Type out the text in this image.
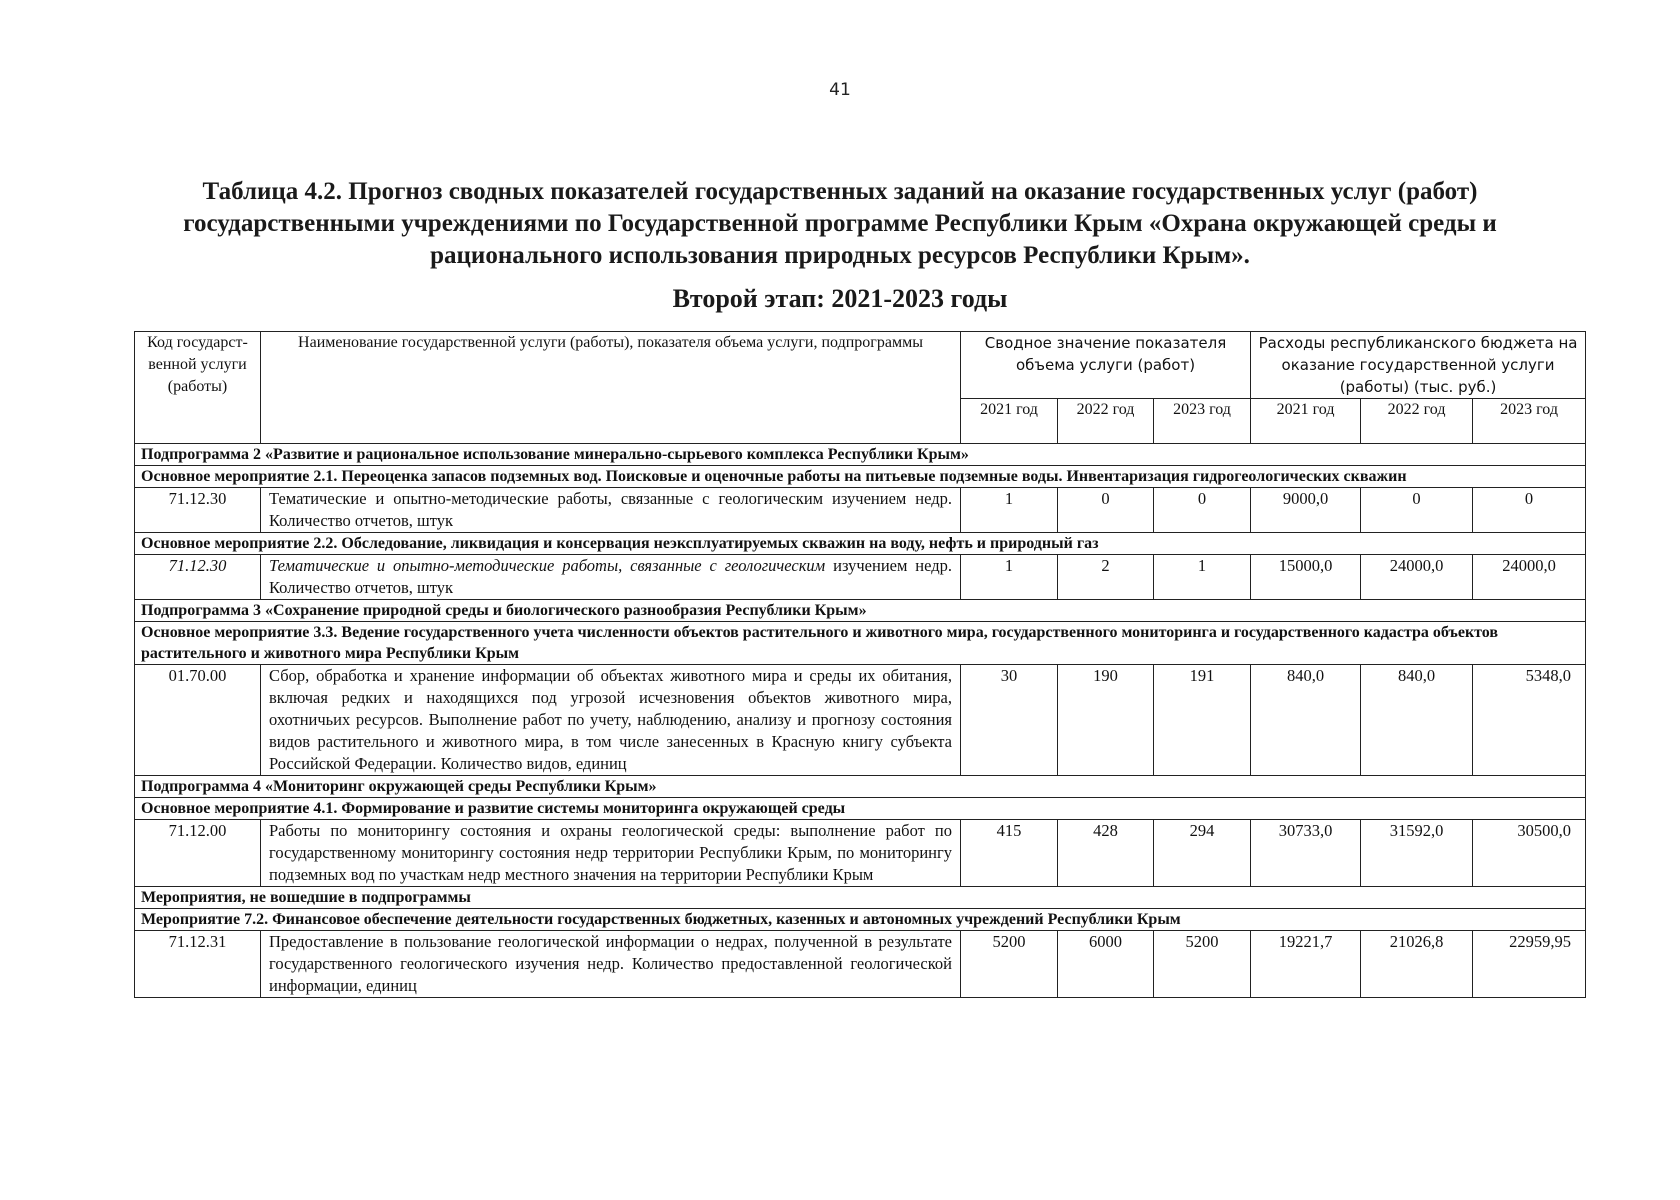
41
Таблица 4.2. Прогноз сводных показателей государственных заданий на оказание государственных услуг (работ) государственными учреждениями по Государственной программе Республики Крым «Охрана окружающей среды и рационального использования природных ресурсов Республики Крым».
Второй этап: 2021-2023 годы
Код государст-венной услуги (работы)	Наименование государственной услуги (работы), показателя объема услуги, подпрограммы	Сводное значение показателя объема услуги (работ)			Расходы республиканского бюджета на оказание государственной услуги (работы) (тыс. руб.)		
		2021 год	2022 год	2023 год	2021 год	2022 год	2023 год
Подпрограмма 2 «Развитие и рациональное использование минерально-сырьевого комплекса Республики Крым»							
Основное мероприятие 2.1. Переоценка запасов подземных вод. Поисковые и оценочные работы на питьевые подземные воды. Инвентаризация гидрогеологических скважин							
71.12.30	Тематические и опытно-методические работы, связанные с геологическим изучением недр. Количество отчетов, штук	1	0	0	9000,0	0	0
Основное мероприятие 2.2. Обследование, ликвидация и консервация неэксплуатируемых скважин на воду, нефть и природный газ							
71.12.30	Тематические и опытно-методические работы, связанные с геологическим изучением недр. Количество отчетов, штук	1	2	1	15000,0	24000,0	24000,0
Подпрограмма 3 «Сохранение природной среды и биологического разнообразия Республики Крым»							
Основное мероприятие 3.3. Ведение государственного учета численности объектов растительного и животного мира, государственного мониторинга и государственного кадастра объектов растительного и животного мира Республики Крым							
01.70.00	Сбор, обработка и хранение информации об объектах животного мира и среды их обитания, включая редких и находящихся под угрозой исчезновения объектов животного мира, охотничьих ресурсов. Выполнение работ по учету, наблюдению, анализу и прогнозу состояния видов растительного и животного мира, в том числе занесенных в Красную книгу субъекта Российской Федерации. Количество видов, единиц	30	190	191	840,0	840,0	5348,0
Подпрограмма 4 «Мониторинг окружающей среды Республики Крым»							
Основное мероприятие 4.1. Формирование и развитие системы мониторинга окружающей среды							
71.12.00	Работы по мониторингу состояния и охраны геологической среды: выполнение работ по государственному мониторингу состояния недр территории Республики Крым, по мониторингу подземных вод по участкам недр местного значения на территории Республики Крым	415	428	294	30733,0	31592,0	30500,0
Мероприятия, не вошедшие в подпрограммы							
Мероприятие 7.2. Финансовое обеспечение деятельности государственных бюджетных, казенных и автономных учреждений Республики Крым							
71.12.31	Предоставление в пользование геологической информации о недрах, полученной в результате государственного геологического изучения недр. Количество предоставленной геологической информации, единиц	5200	6000	5200	19221,7	21026,8	22959,95
